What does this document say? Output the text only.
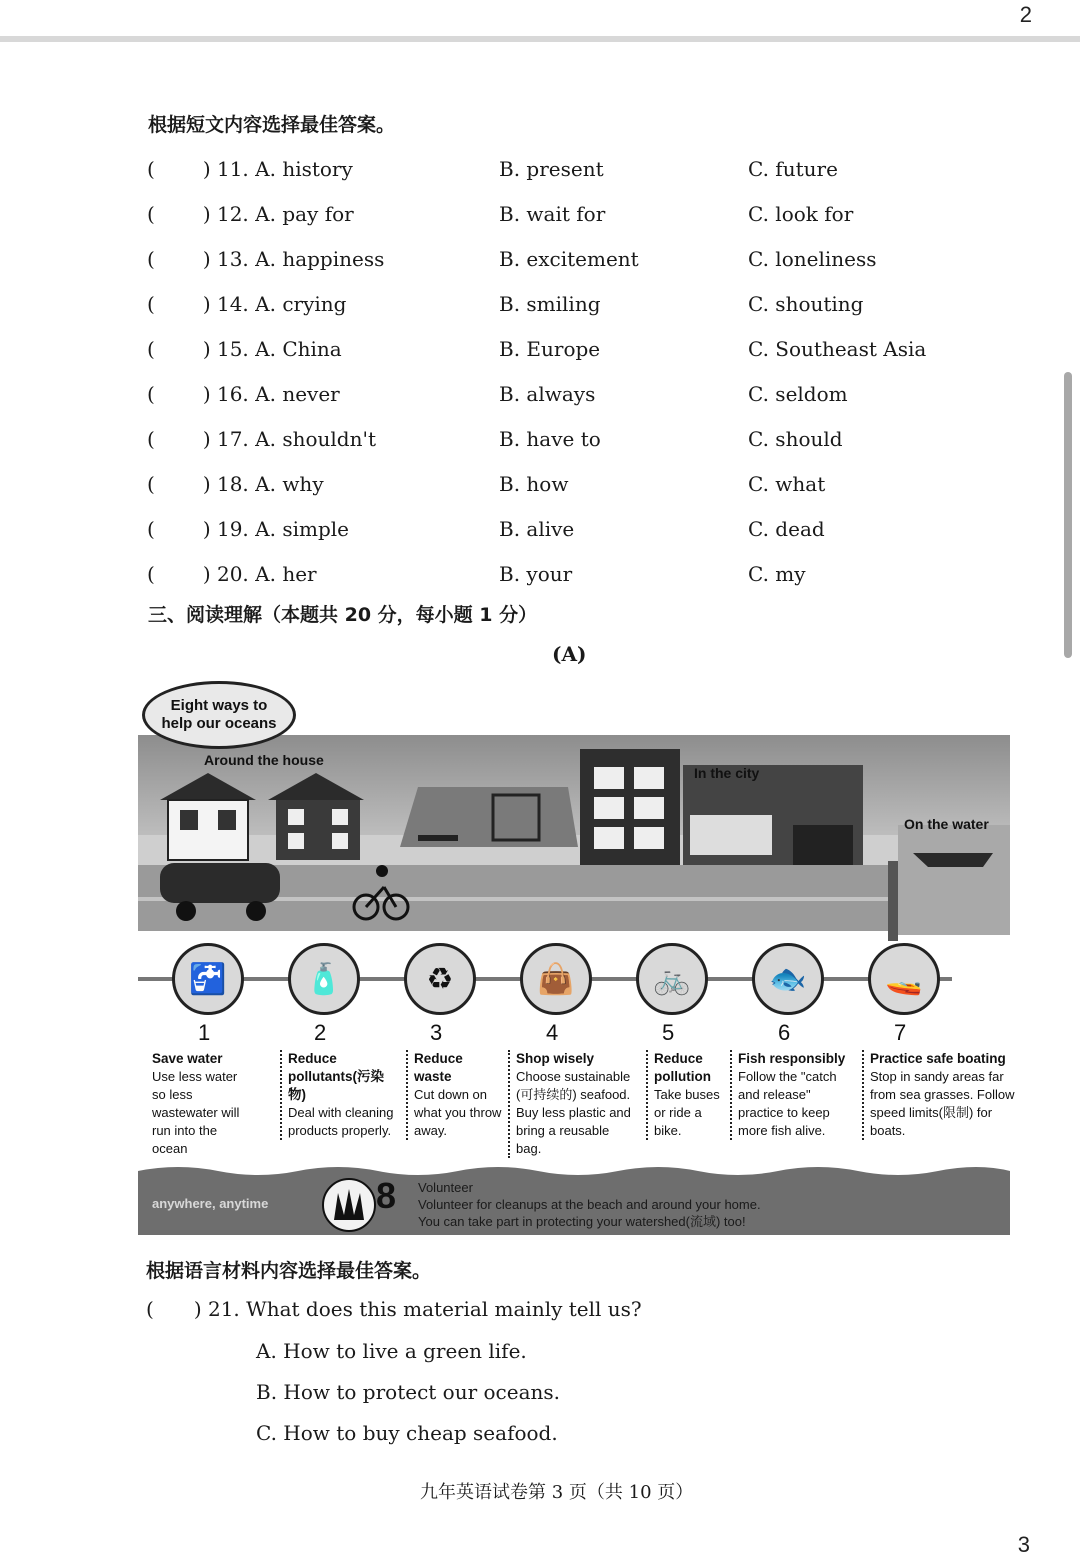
2
根据短文内容选择最佳答案。
( ) 11. A. history	B. present	C. future
( ) 12. A. pay for	B. wait for	C. look for
( ) 13. A. happiness	B. excitement	C. loneliness
( ) 14. A. crying	B. smiling	C. shouting
( ) 15. A. China	B. Europe	C. Southeast Asia
( ) 16. A. never	B. always	C. seldom
( ) 17. A. shouldn't	B. have to	C. should
( ) 18. A. why	B. how	C. what
( ) 19. A. simple	B. alive	C. dead
( ) 20. A. her	B. your	C. my
三、阅读理解（本题共 20 分，每小题 1 分）
(A)
Eight ways to help our oceans
Around the house
In the city
On the water
🚰	🧴	♻	👜	🚲	🐟	🚤
1
Save water
Use less water so less wastewater will run into the ocean
2
Reduce pollutants(污染物)
Deal with cleaning products properly.
3
Reduce waste
Cut down on what you throw away.
4
Shop wisely
Choose sustainable (可持续的) seafood. Buy less plastic and bring a reusable bag.
5
Reduce pollution
Take buses or ride a bike.
6
Fish responsibly
Follow the "catch and release" practice to keep more fish alive.
7
Practice safe boating
Stop in sandy areas far from sea grasses. Follow speed limits(限制) for boats.
anywhere, anytime	8 Volunteer
Volunteer for cleanups at the beach and around your home.
You can take part in protecting your watershed(流域) too!
根据语言材料内容选择最佳答案。
( ) 21. What does this material mainly tell us?
A. How to live a green life.
B. How to protect our oceans.
C. How to buy cheap seafood.
九年英语试卷第 3 页（共 10 页）
3
